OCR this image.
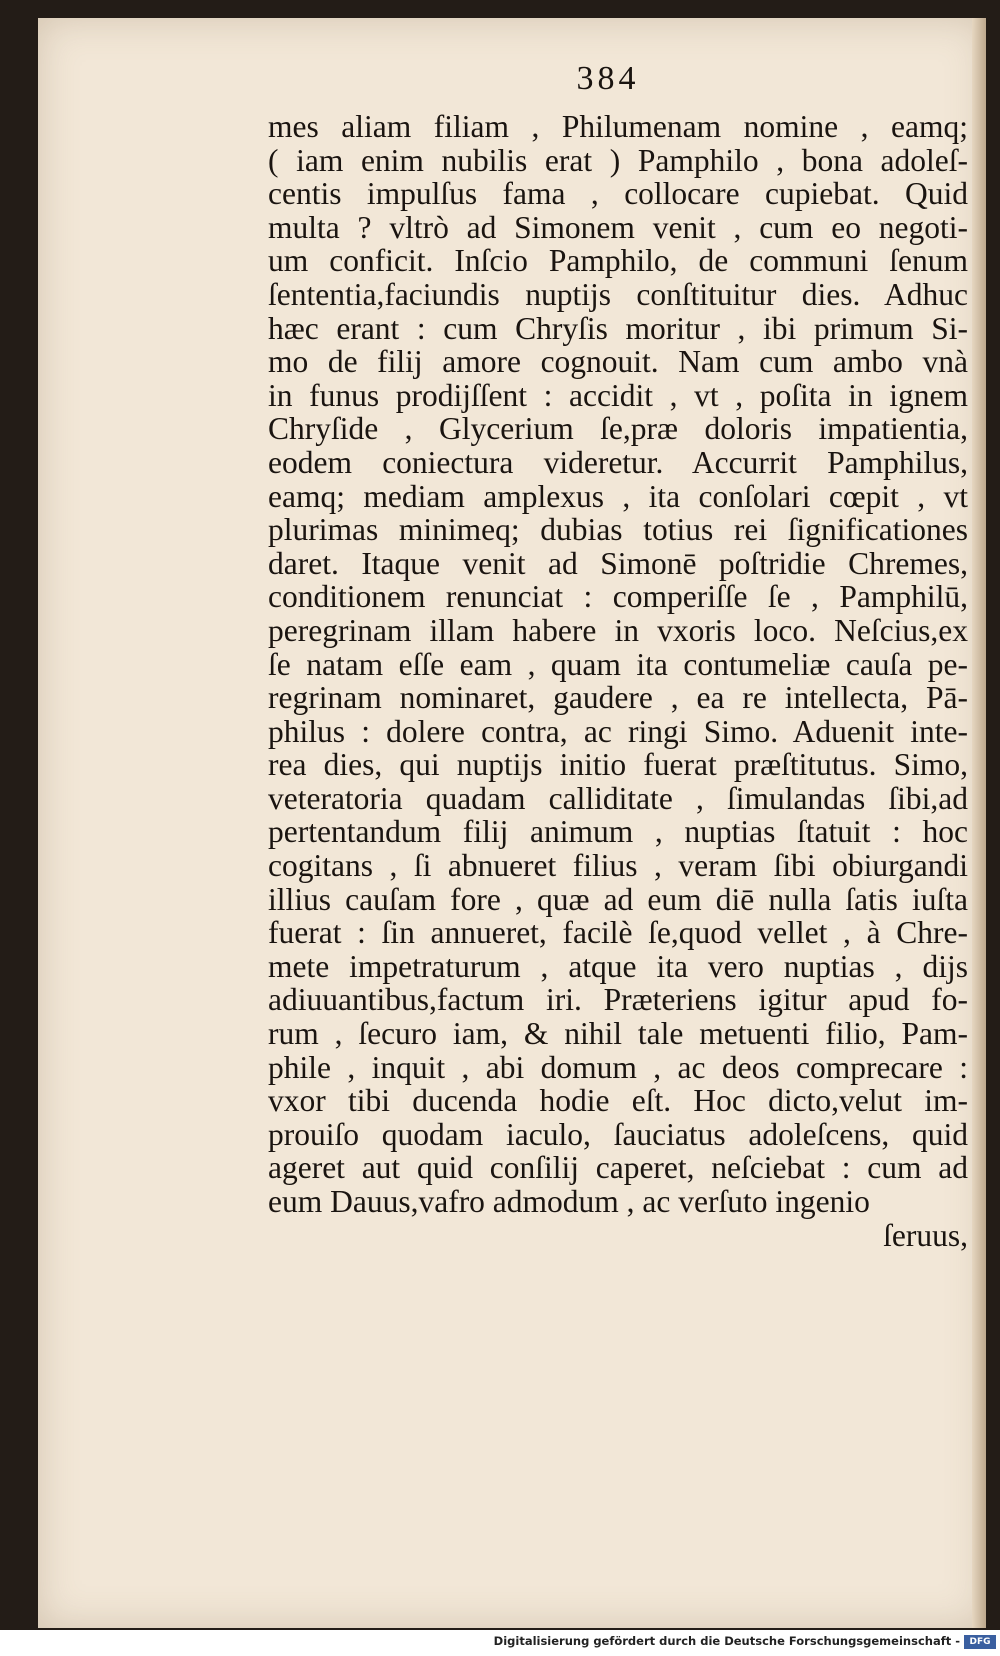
384
mes aliam filiam , Philumenam nomine , eamq;
( iam enim nubilis erat ) Pamphilo , bona adoleſ-
centis impulſus fama , collocare cupiebat. Quid
multa ? vltrò ad Simonem venit , cum eo negoti-
um conficit. Inſcio Pamphilo, de communi ſenum
ſententia,faciundis nuptijs conſtituitur dies. Adhuc
hæc erant : cum Chryſis moritur , ibi primum Si-
mo de filij amore cognouit. Nam cum ambo vnà
in funus prodijſſent : accidit , vt , poſita in ignem
Chryſide , Glycerium ſe,præ doloris impatientia,
eodem coniectura videretur. Accurrit Pamphilus,
eamq; mediam amplexus , ita conſolari cœpit , vt
plurimas minimeq; dubias totius rei ſignificationes
daret. Itaque venit ad Simonē poſtridie Chremes,
conditionem renunciat : comperiſſe ſe , Pamphilū,
peregrinam illam habere in vxoris loco. Neſcius,ex
ſe natam eſſe eam , quam ita contumeliæ cauſa pe-
regrinam nominaret, gaudere , ea re intellecta, Pā-
philus : dolere contra, ac ringi Simo. Aduenit inte-
rea dies, qui nuptijs initio fuerat præſtitutus. Simo,
veteratoria quadam calliditate , ſimulandas ſibi,ad
pertentandum filij animum , nuptias ſtatuit : hoc
cogitans , ſi abnueret filius , veram ſibi obiurgandi
illius cauſam fore , quæ ad eum diē nulla ſatis iuſta
fuerat : ſin annueret, facilè ſe,quod vellet , à Chre-
mete impetraturum , atque ita vero nuptias , dijs
adiuuantibus,factum iri. Præteriens igitur apud fo-
rum , ſecuro iam, & nihil tale metuenti filio, Pam-
phile , inquit , abi domum , ac deos comprecare :
vxor tibi ducenda hodie eſt. Hoc dicto,velut im-
prouiſo quodam iaculo, ſauciatus adoleſcens, quid
ageret aut quid conſilij caperet, neſciebat : cum ad
eum Dauus,vafro admodum , ac verſuto ingenio
ſeruus,
Digitalisierung gefördert durch die Deutsche Forschungsgemeinschaft -	DFG
